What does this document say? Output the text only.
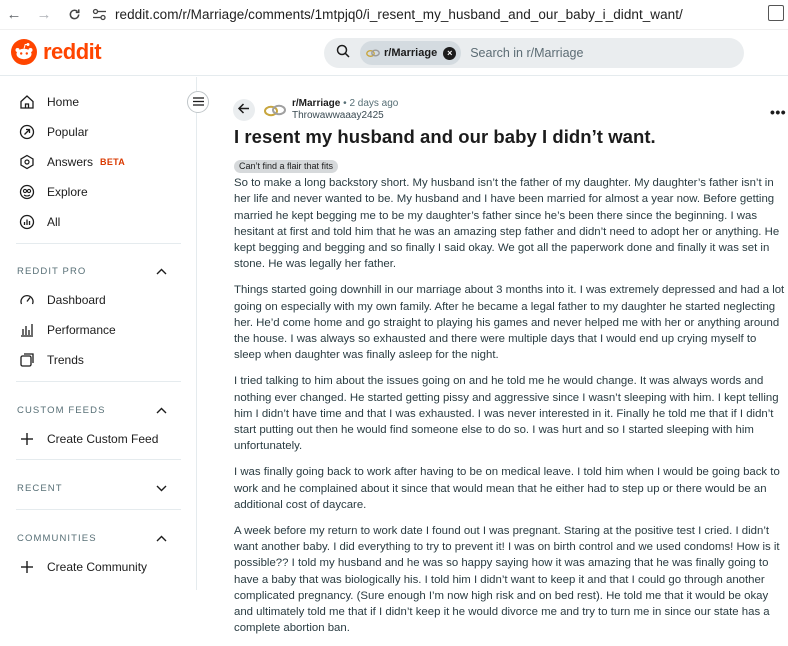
← →	reddit.com/r/Marriage/comments/1mtpjq0/i_resent_my_husband_and_our_baby_i_didnt_want/
reddit	r/Marriage	×
Search in r/Marriage
Home
Popular
Answers BETA
Explore
All
REDDIT PRO
Dashboard
Performance
Trends
CUSTOM FEEDS
Create Custom Feed
RECENT
COMMUNITIES
Create Community
r/Marriage • 2 days ago
Throwawwaaay2425	•••
I resent my husband and our baby I didn’t want.
Can’t find a flair that fits

So to make a long backstory short. My husband isn’t the father of my daughter. My daughter’s father isn’t in her life and never wanted to be. My husband and I have been married for almost a year now. Before getting married he kept begging me to be my daughter’s father since he’s been there since the beginning. I was hesitant at first and told him that he was an amazing step father and didn’t need to adopt her or anything. He kept begging and begging and so finally I said okay. We got all the paperwork done and finally it was set in stone. He was legally her father.

Things started going downhill in our marriage about 3 months into it. I was extremely depressed and had a lot going on especially with my own family. After he became a legal father to my daughter he started neglecting her. He’d come home and go straight to playing his games and never helped me with her or anything around the house. I was always so exhausted and there were multiple days that I would end up crying myself to sleep when daughter was finally asleep for the night.

I tried talking to him about the issues going on and he told me he would change. It was always words and nothing ever changed. He started getting pissy and aggressive since I wasn’t sleeping with him. I kept telling him I didn’t have time and that I was exhausted. I was never interested in it. Finally he told me that if I didn’t start putting out then he would find someone else to do so. I was hurt and so I started sleeping with him unfortunately.

I was finally going back to work after having to be on medical leave. I told him when I would be going back to work and he complained about it since that would mean that he either had to step up or there would be an additional cost of daycare.

A week before my return to work date I found out I was pregnant. Staring at the positive test I cried. I didn’t want another baby. I did everything to try to prevent it! I was on birth control and we used condoms! How is it possible?? I told my husband and he was so happy saying how it was amazing that he was finally going to have a baby that was biologically his. I told him I didn’t want to keep it and that I could go through another complicated pregnancy. (Sure enough I’m now high risk and on bed rest). He told me that it would be okay and ultimately told me that if I didn’t keep it he would divorce me and try to turn me in since our state has a complete abortion ban.
